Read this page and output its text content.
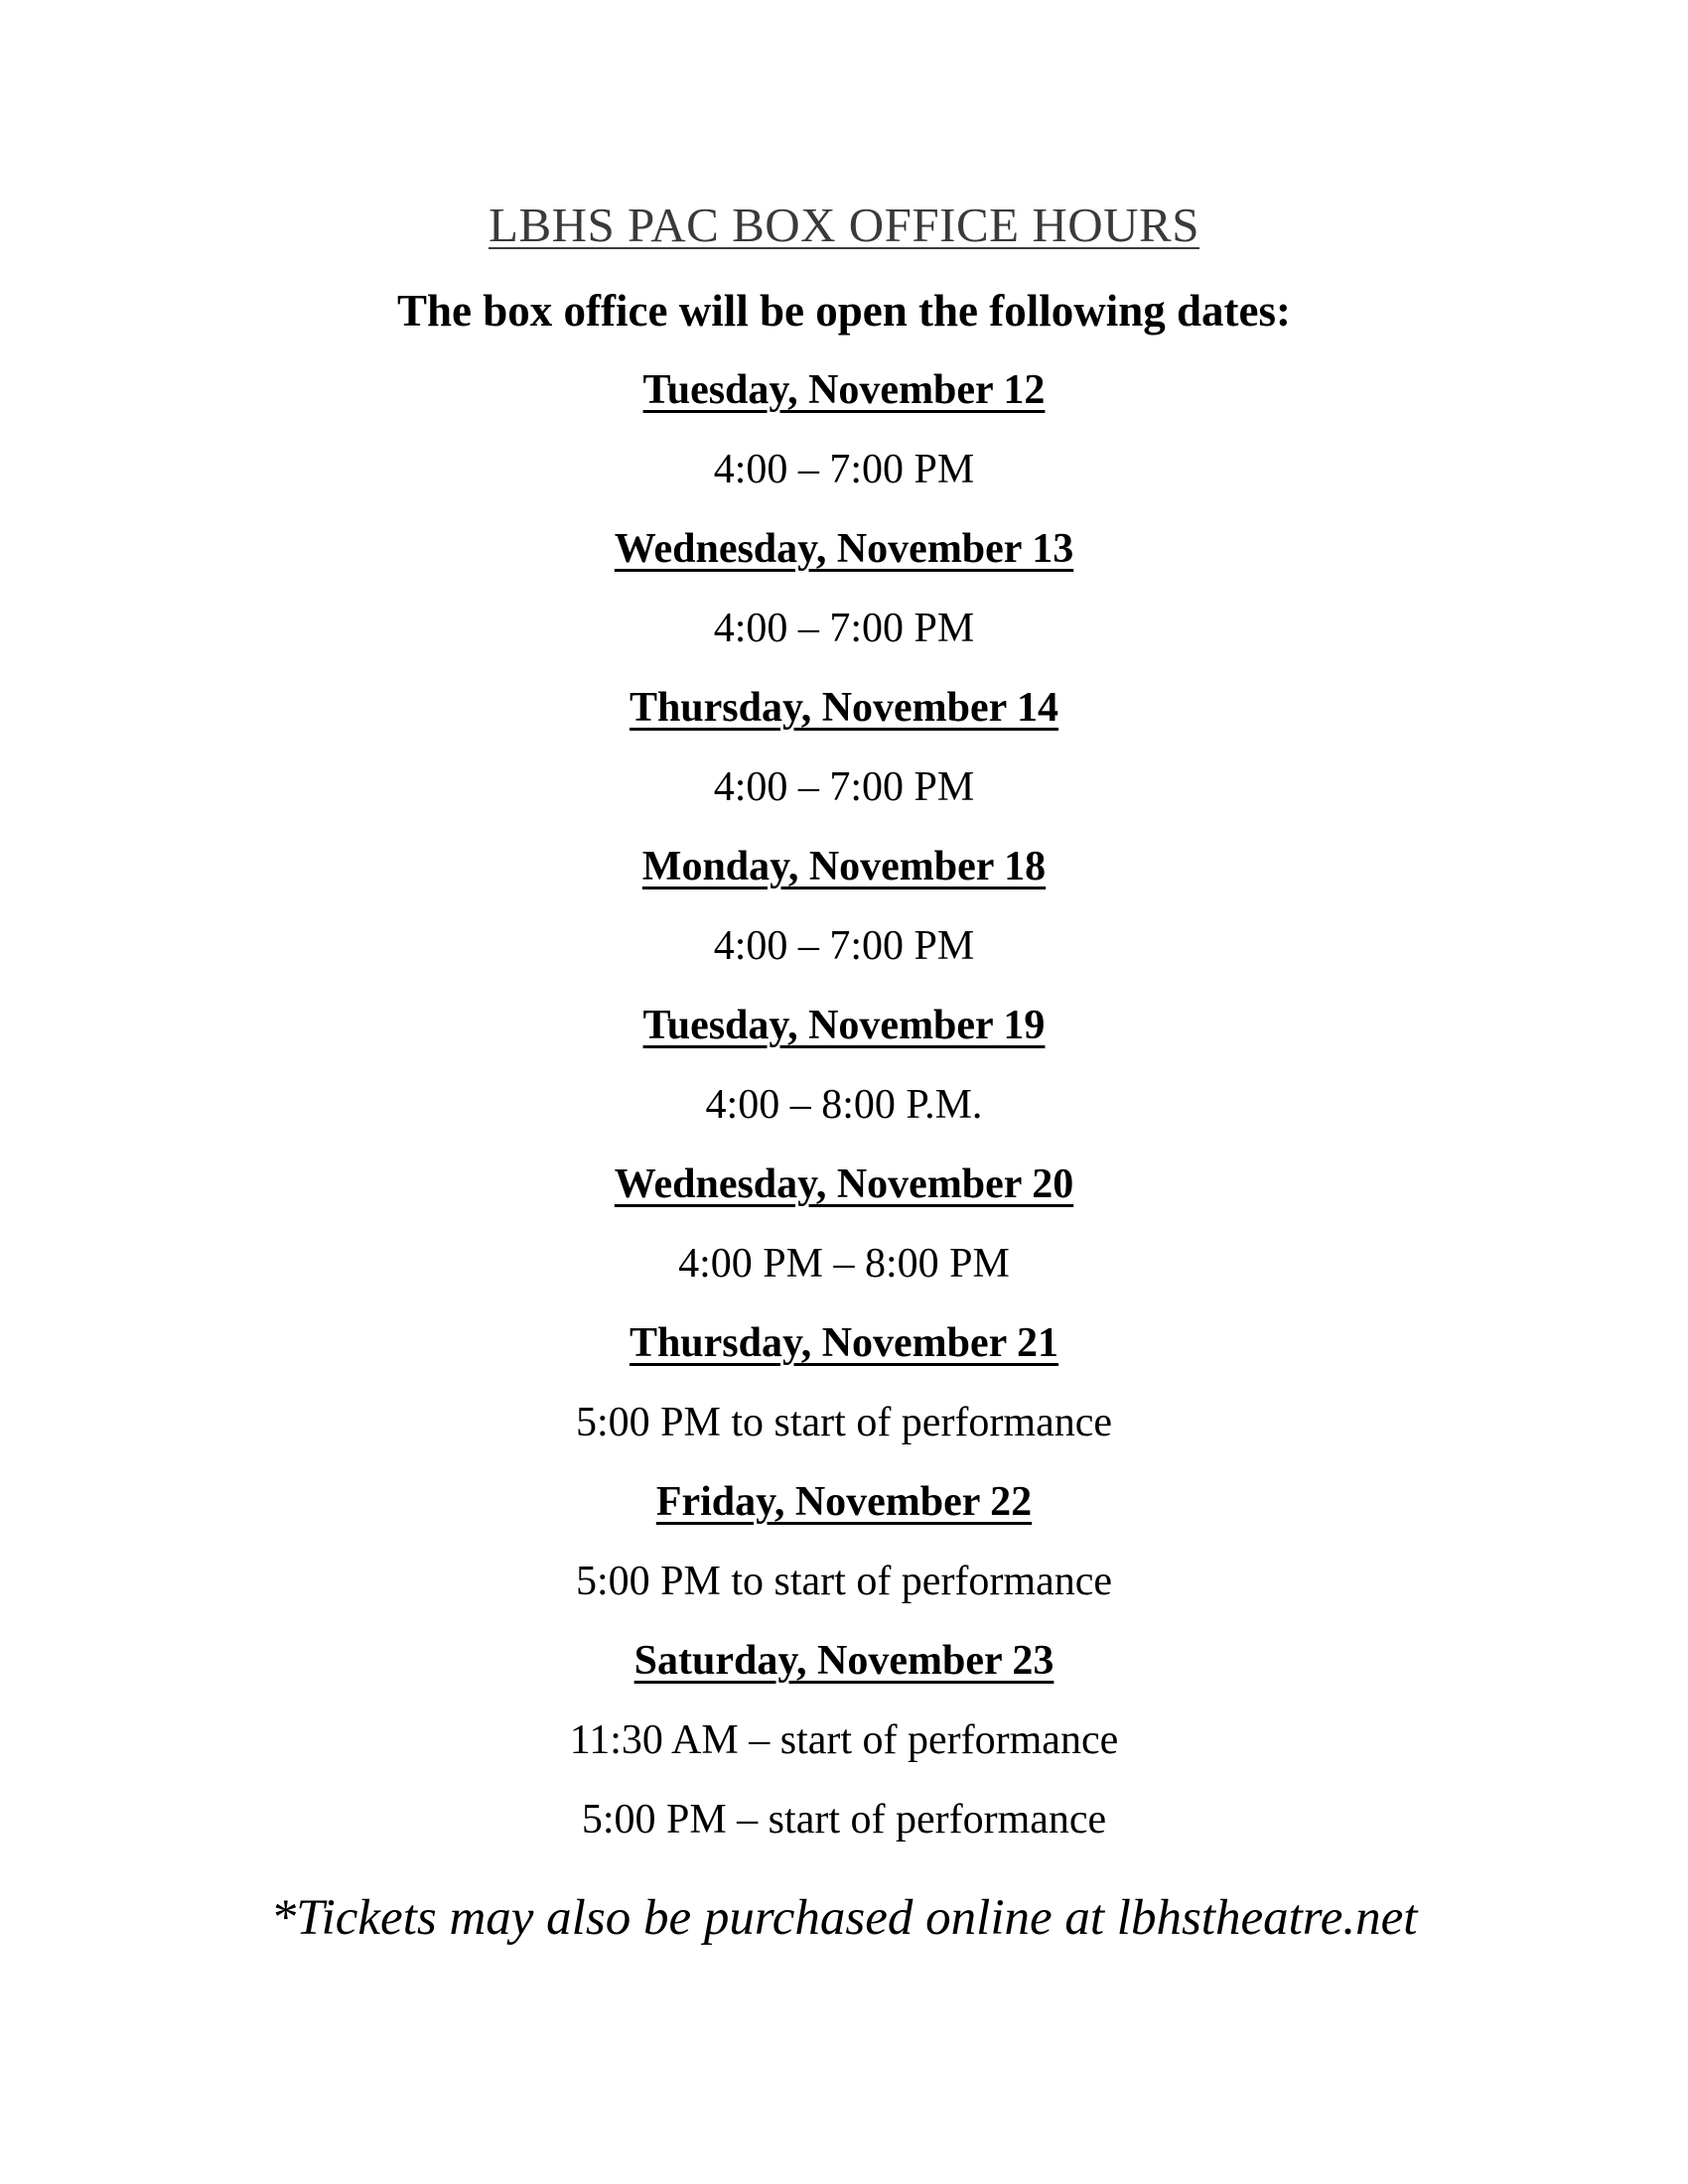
LBHS PAC BOX OFFICE HOURS
The box office will be open the following dates:
Tuesday, November 12
4:00 – 7:00 PM
Wednesday, November 13
4:00 – 7:00 PM
Thursday, November 14
4:00 – 7:00 PM
Monday, November 18
4:00 – 7:00 PM
Tuesday, November 19
4:00 – 8:00 P.M.
Wednesday, November 20
4:00 PM – 8:00 PM
Thursday, November 21
5:00 PM to start of performance
Friday, November 22
5:00 PM to start of performance
Saturday, November 23
11:30 AM – start of performance
5:00 PM – start of performance
*Tickets may also be purchased online at lbhstheatre.net
